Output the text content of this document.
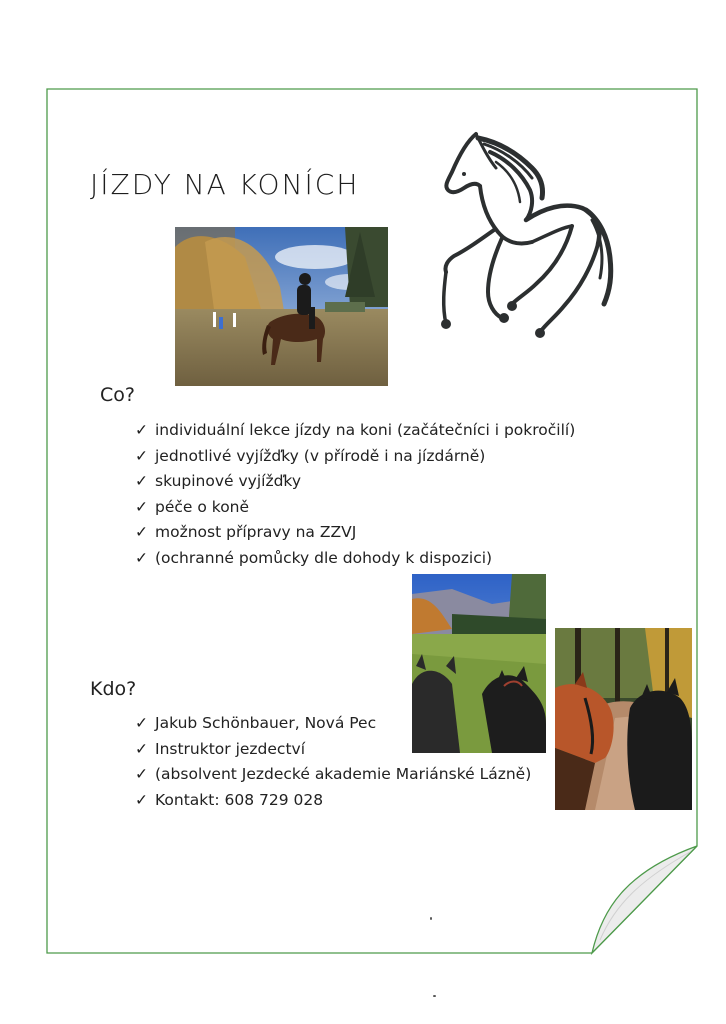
JÍZDY NA KONÍCH
Co?
✓ individuální lekce jízdy na koni (začátečníci i pokročilí)
✓ jednotlivé vyjížďky (v přírodě i na jízdárně)
✓ skupinové vyjížďky
✓ péče o koně
✓ možnost přípravy na ZZVJ
✓ (ochranné pomůcky dle dohody k dispozici)
Kdo?
✓ Jakub Schönbauer, Nová Pec
✓ Instruktor jezdectví
✓ (absolvent Jezdecké akademie Mariánské Lázně)
✓ Kontakt: 608 729 028
